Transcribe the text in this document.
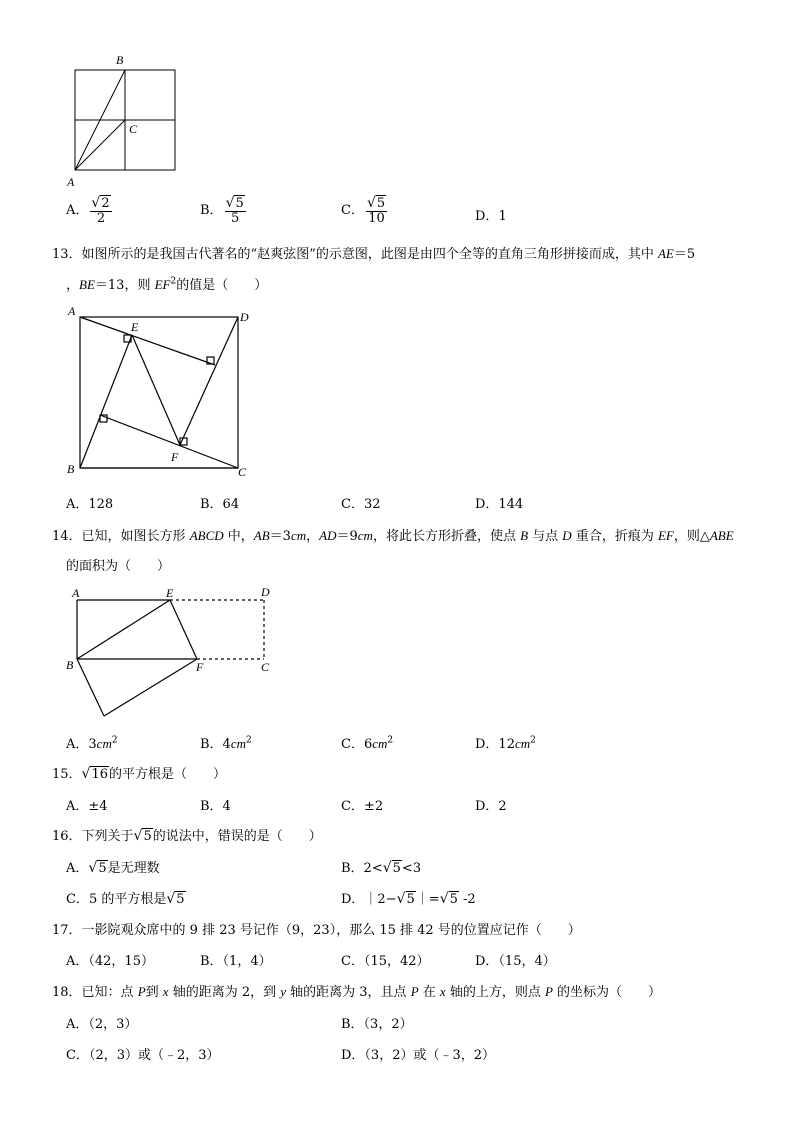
B
C
A
A． $\frac{√2}{2}$	B． $\frac{√5}{5}$	C． $\frac{√5}{10}$	D．1
13．如图所示的是我国古代著名的“赵爽弦图”的示意图，此图是由四个全等的直角三角形拼接而成，其中 AE＝5
，BE＝13，则 $EF^2$的值是（　　）
A	D
E
B
F
C
A．128	B．64	C．32	D．144
14．已知，如图长方形 ABCD 中，AB＝3cm，AD＝9cm，将此长方形折叠，使点 B 与点 D 重合，折痕为 EF，则△ABE
的面积为（　　）
A	E	D
B	F	C
A．$3cm^2$	B．$4cm^2$	C．$6cm^2$	D．$12cm^2$
15．√16的平方根是（　　）
A．±4	B．4	C．±2	D．2
16．下列关于√5的说法中，错误的是（　　）
A．√5是无理数	B．2<√5<3
C．5 的平方根是√5	D．｜2−√5｜=√5 -2
17．一影院观众席中的 9 排 23 号记作（9，23），那么 15 排 42 号的位置应记作（　　）
A．（42，15）	B．（1，4）	C．（15，42）	D．（15，4）
18．已知：点 P到 x 轴的距离为 2，到 y 轴的距离为 3，且点 P 在 x 轴的上方，则点 P 的坐标为（　　）
A．（2，3）	B．（3，2）
C．（2，3）或（﹣2，3）	D．（3，2）或（﹣3，2）
